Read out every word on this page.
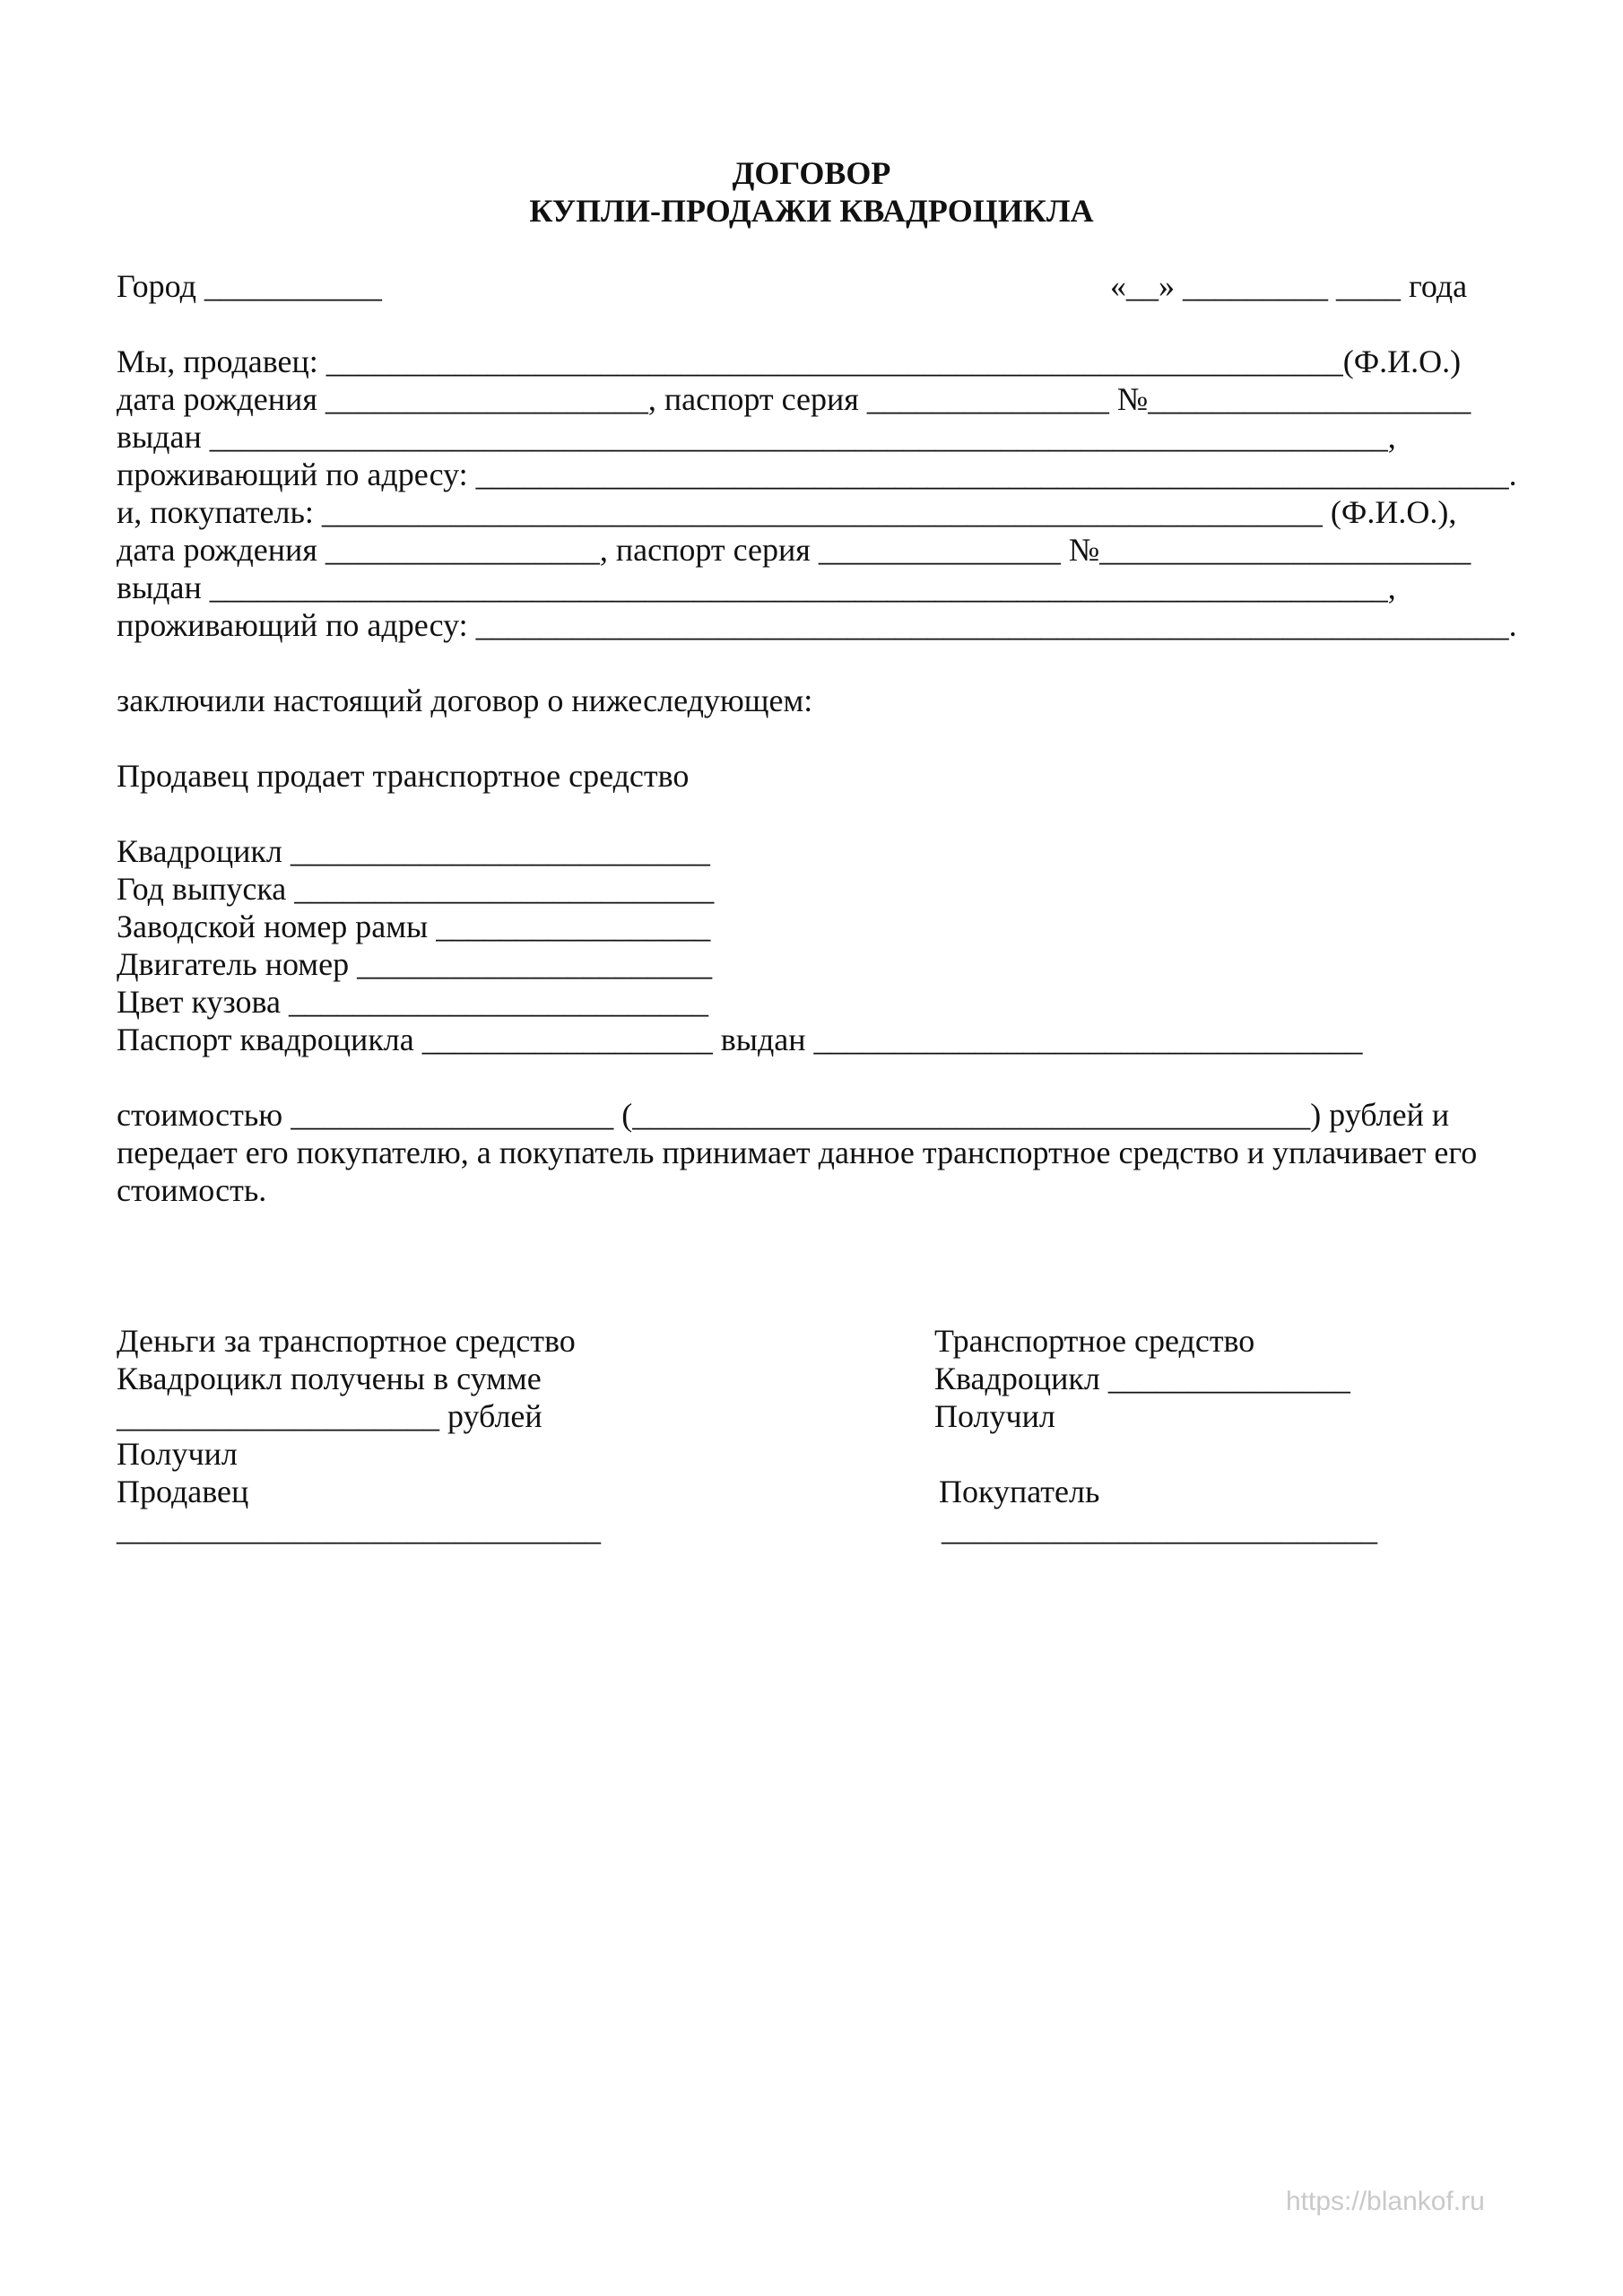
ДОГОВОР
КУПЛИ-ПРОДАЖИ КВАДРОЦИКЛА
Город ___________	«__» _________ ____ года
Мы, продавец: _______________________________________________________________(Ф.И.О.)
дата рождения ____________________, паспорт серия _______________ №____________________
выдан _________________________________________________________________________,
проживающий по адресу: ________________________________________________________________.
и, покупатель: ______________________________________________________________ (Ф.И.О.),
дата рождения _________________, паспорт серия _______________ №_______________________
выдан _________________________________________________________________________,
проживающий по адресу: ________________________________________________________________.
заключили настоящий договор о нижеследующем:
Продавец продает транспортное средство
Квадроцикл __________________________
Год выпуска __________________________
Заводской номер рамы _________________
Двигатель номер ______________________
Цвет кузова __________________________
Паспорт квадроцикла __________________ выдан __________________________________
стоимостью ____________________ (__________________________________________) рублей и
передает его покупателю, а покупатель принимает данное транспортное средство и уплачивает его
стоимость.
Деньги за транспортное средство
Квадроцикл получены в сумме
____________________ рублей
Получил
Продавец
______________________________
Транспортное средство
Квадроцикл _______________
Получил
Покупатель
___________________________
https://blankof.ru
